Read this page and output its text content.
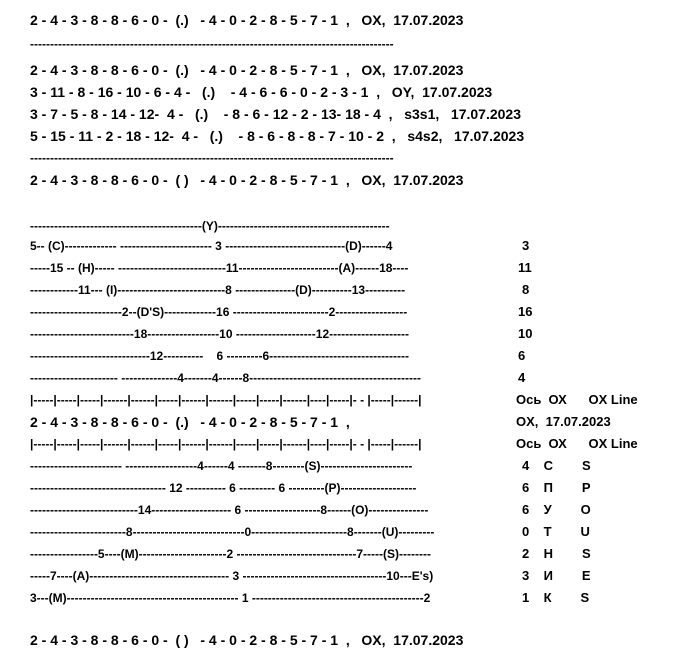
2 - 4 - 3 - 8 - 8 - 6 - 0 -  (.)   - 4 - 0 - 2 - 8 - 5 - 7 - 1  ,   OX,  17.07.2023
-------------------------------------------------------------------------------------------
2 - 4 - 3 - 8 - 8 - 6 - 0 -  (.)   - 4 - 0 - 2 - 8 - 5 - 7 - 1  ,   OX,  17.07.2023
3 - 11 - 8 - 16 - 10 - 6 - 4 -   (.)    - 4 - 6 - 6 - 0 - 2 - 3 - 1  ,   OY,  17.07.2023
3 - 7 - 5 - 8 - 14 - 12-  4 -   (.)    - 8 - 6 - 12 - 2 - 13- 18 - 4  ,   s3s1,   17.07.2023
5 - 15 - 11 - 2 - 18 - 12-  4 -   (.)    - 8 - 6 - 8 - 8 - 7 - 10 - 2  ,   s4s2,   17.07.2023
-------------------------------------------------------------------------------------------
2 - 4 - 3 - 8 - 8 - 6 - 0 -  ( )   - 4 - 0 - 2 - 8 - 5 - 7 - 1  ,   OX,  17.07.2023
-------------------------------------------(Y)-------------------------------------------
5-- (C)------------- ----------------------- 3 ------------------------------(D)------4	3
-----15 -- (H)----- ---------------------------11-------------------------(A)------18----	11
------------11--- (I)---------------------------8 ---------------(D)----------13----------	8
-----------------------2--(D'S)-------------16 ------------------------2------------------	16
--------------------------18------------------10 --------------------12--------------------	10
------------------------------12----------    6 ---------6-----------------------------------	6
---------------------- --------------4-------4------8-------------------------------------------	4
|-----|-----|-----|------|------|-----|------|------|-----|-----|------|----|-----|- - |-----|------|	Ось  ОХ      OX Line
2 - 4 - 3 - 8 - 8 - 6 - 0 -  (.)   - 4 - 0 - 2 - 8 - 5 - 7 - 1  ,	OX,  17.07.2023
|-----|-----|-----|------|------|-----|------|------|-----|-----|------|----|-----|- - |-----|------|	Ось  ОХ      OX Line
----------------------- ------------------4------4 -------8--------(S)-----------------------	4    С        S
---------------------------------- 12 ---------- 6 --------- 6 ---------(P)-------------------	6    П        P
---------------------------14-------------------- 6 -------------------8------(O)---------------	6    У        O
------------------------8----------------------------0------------------------8-------(U)---------	0    Т        U
-----------------5----(M)----------------------2 ------------------------------7-----(S)--------	2    Н        S
-----7----(A)----------------------------------- 3 ------------------------------------10---E's)	3    И        E
3---(M)------------------------------------------- 1 -------------------------------------------2	1    К        S
2 - 4 - 3 - 8 - 8 - 6 - 0 -  ( )   - 4 - 0 - 2 - 8 - 5 - 7 - 1  ,   OX,  17.07.2023
